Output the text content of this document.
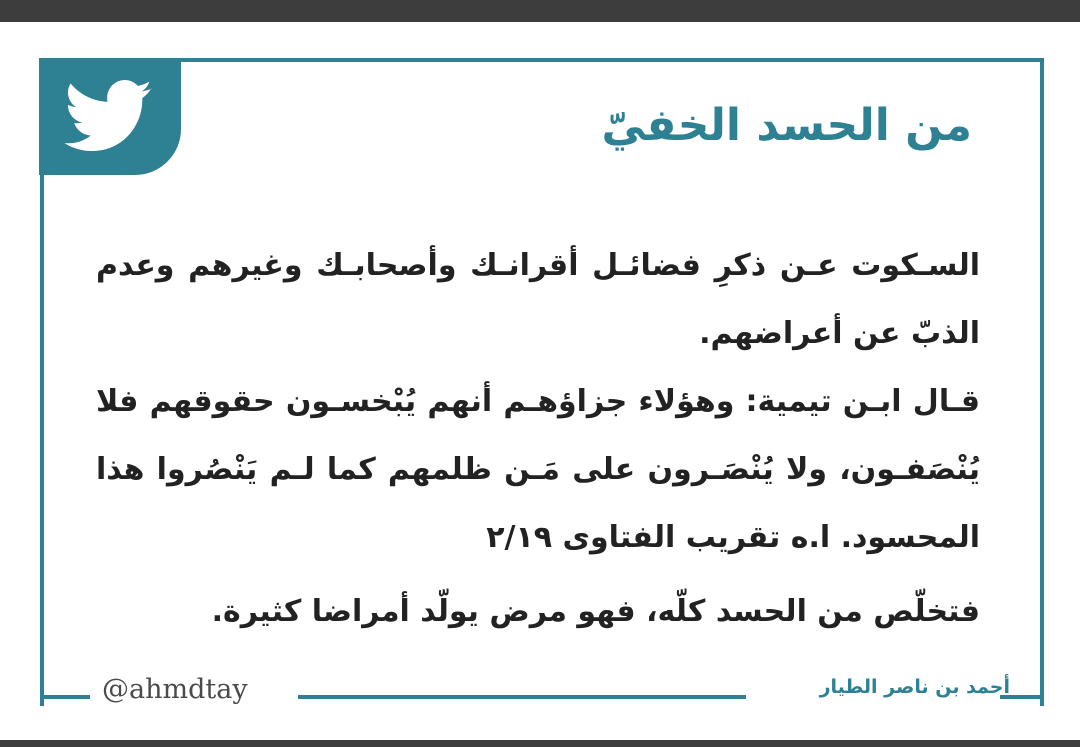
من الحسد الخفيّ

السـكوت عـن ذكرِ فضائـل أقرانـك وأصحابـك وغيرهم وعدم الذبّ عن أعراضهم.

قـال ابـن تيمية: وهؤلاء جزاؤهـم أنهم يُبْخسـون حقوقهم فلا يُنْصَفـون، ولا يُنْصَـرون على مَـن ظلمهم كما لـم يَنْصُروا هذا المحسود. ا.ه تقريب الفتاوى ٢/١٩

فتخلّص من الحسد كلّه، فهو مرض يولّد أمراضا كثيرة.

@ahmdtay	أحمد بن ناصر الطيار
